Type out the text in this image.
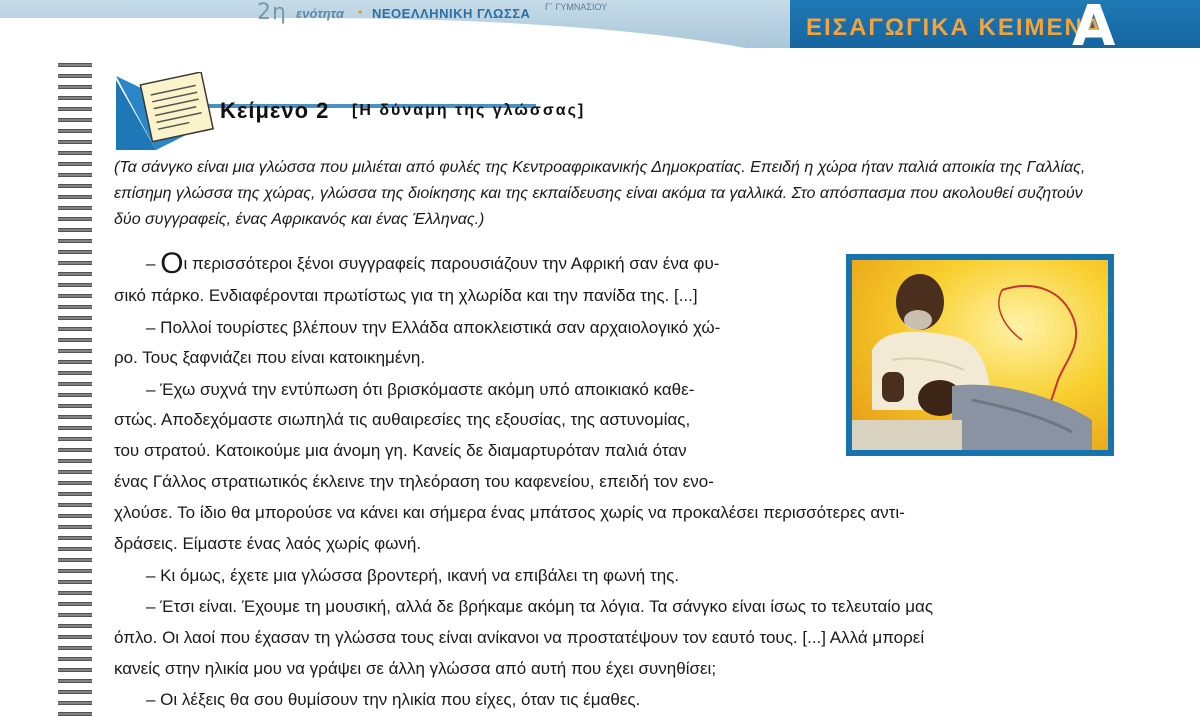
2η ενότητα • ΝΕΟΕΛΛΗΝΙΚΗ ΓΛΩΣΣΑ Γ΄ ΓΥΜΝΑΣΙΟΥ
ΕΙΣΑΓΩΓΙΚΑ ΚΕΙΜΕΝΑ
Α
Κείμενο 2 [Η δύναμη της γλώσσας]
(Τα σάνγκο είναι μια γλώσσα που μιλιέται από φυλές της Κεντροαφρικανικής Δημοκρατίας. Επειδή η χώρα ήταν παλιά αποικία της Γαλλίας, επίσημη γλώσσα της χώρας, γλώσσα της διοίκησης και της εκπαίδευσης είναι ακόμα τα γαλλικά. Στο απόσπασμα που ακολουθεί συζητούν δύο συγγραφείς, ένας Αφρικανός και ένας Έλληνας.)
– Οι περισσότεροι ξένοι συγγραφείς παρουσιάζουν την Αφρική σαν ένα φυ-
σικό πάρκο. Ενδιαφέρονται πρωτίστως για τη χλωρίδα και την πανίδα της. [...]
– Πολλοί τουρίστες βλέπουν την Ελλάδα αποκλειστικά σαν αρχαιολογικό χώ-
ρο. Τους ξαφνιάζει που είναι κατοικημένη.
– Έχω συχνά την εντύπωση ότι βρισκόμαστε ακόμη υπό αποικιακό καθε-
στώς. Αποδεχόμαστε σιωπηλά τις αυθαιρεσίες της εξουσίας, της αστυνομίας,
του στρατού. Κατοικούμε μια άνομη γη. Κανείς δε διαμαρτυρόταν παλιά όταν
ένας Γάλλος στρατιωτικός έκλεινε την τηλεόραση του καφενείου, επειδή τον ενο-
χλούσε. Το ίδιο θα μπορούσε να κάνει και σήμερα ένας μπάτσος χωρίς να προκαλέσει περισσότερες αντι-
δράσεις. Είμαστε ένας λαός χωρίς φωνή.
– Κι όμως, έχετε μια γλώσσα βροντερή, ικανή να επιβάλει τη φωνή της.
– Έτσι είναι. Έχουμε τη μουσική, αλλά δε βρήκαμε ακόμη τα λόγια. Τα σάνγκο είναι ίσως το τελευταίο μας
όπλο. Οι λαοί που έχασαν τη γλώσσα τους είναι ανίκανοι να προστατέψουν τον εαυτό τους. [...] Αλλά μπορεί
κανείς στην ηλικία μου να γράψει σε άλλη γλώσσα από αυτή που έχει συνηθίσει;
– Οι λέξεις θα σου θυμίσουν την ηλικία που είχες, όταν τις έμαθες.
